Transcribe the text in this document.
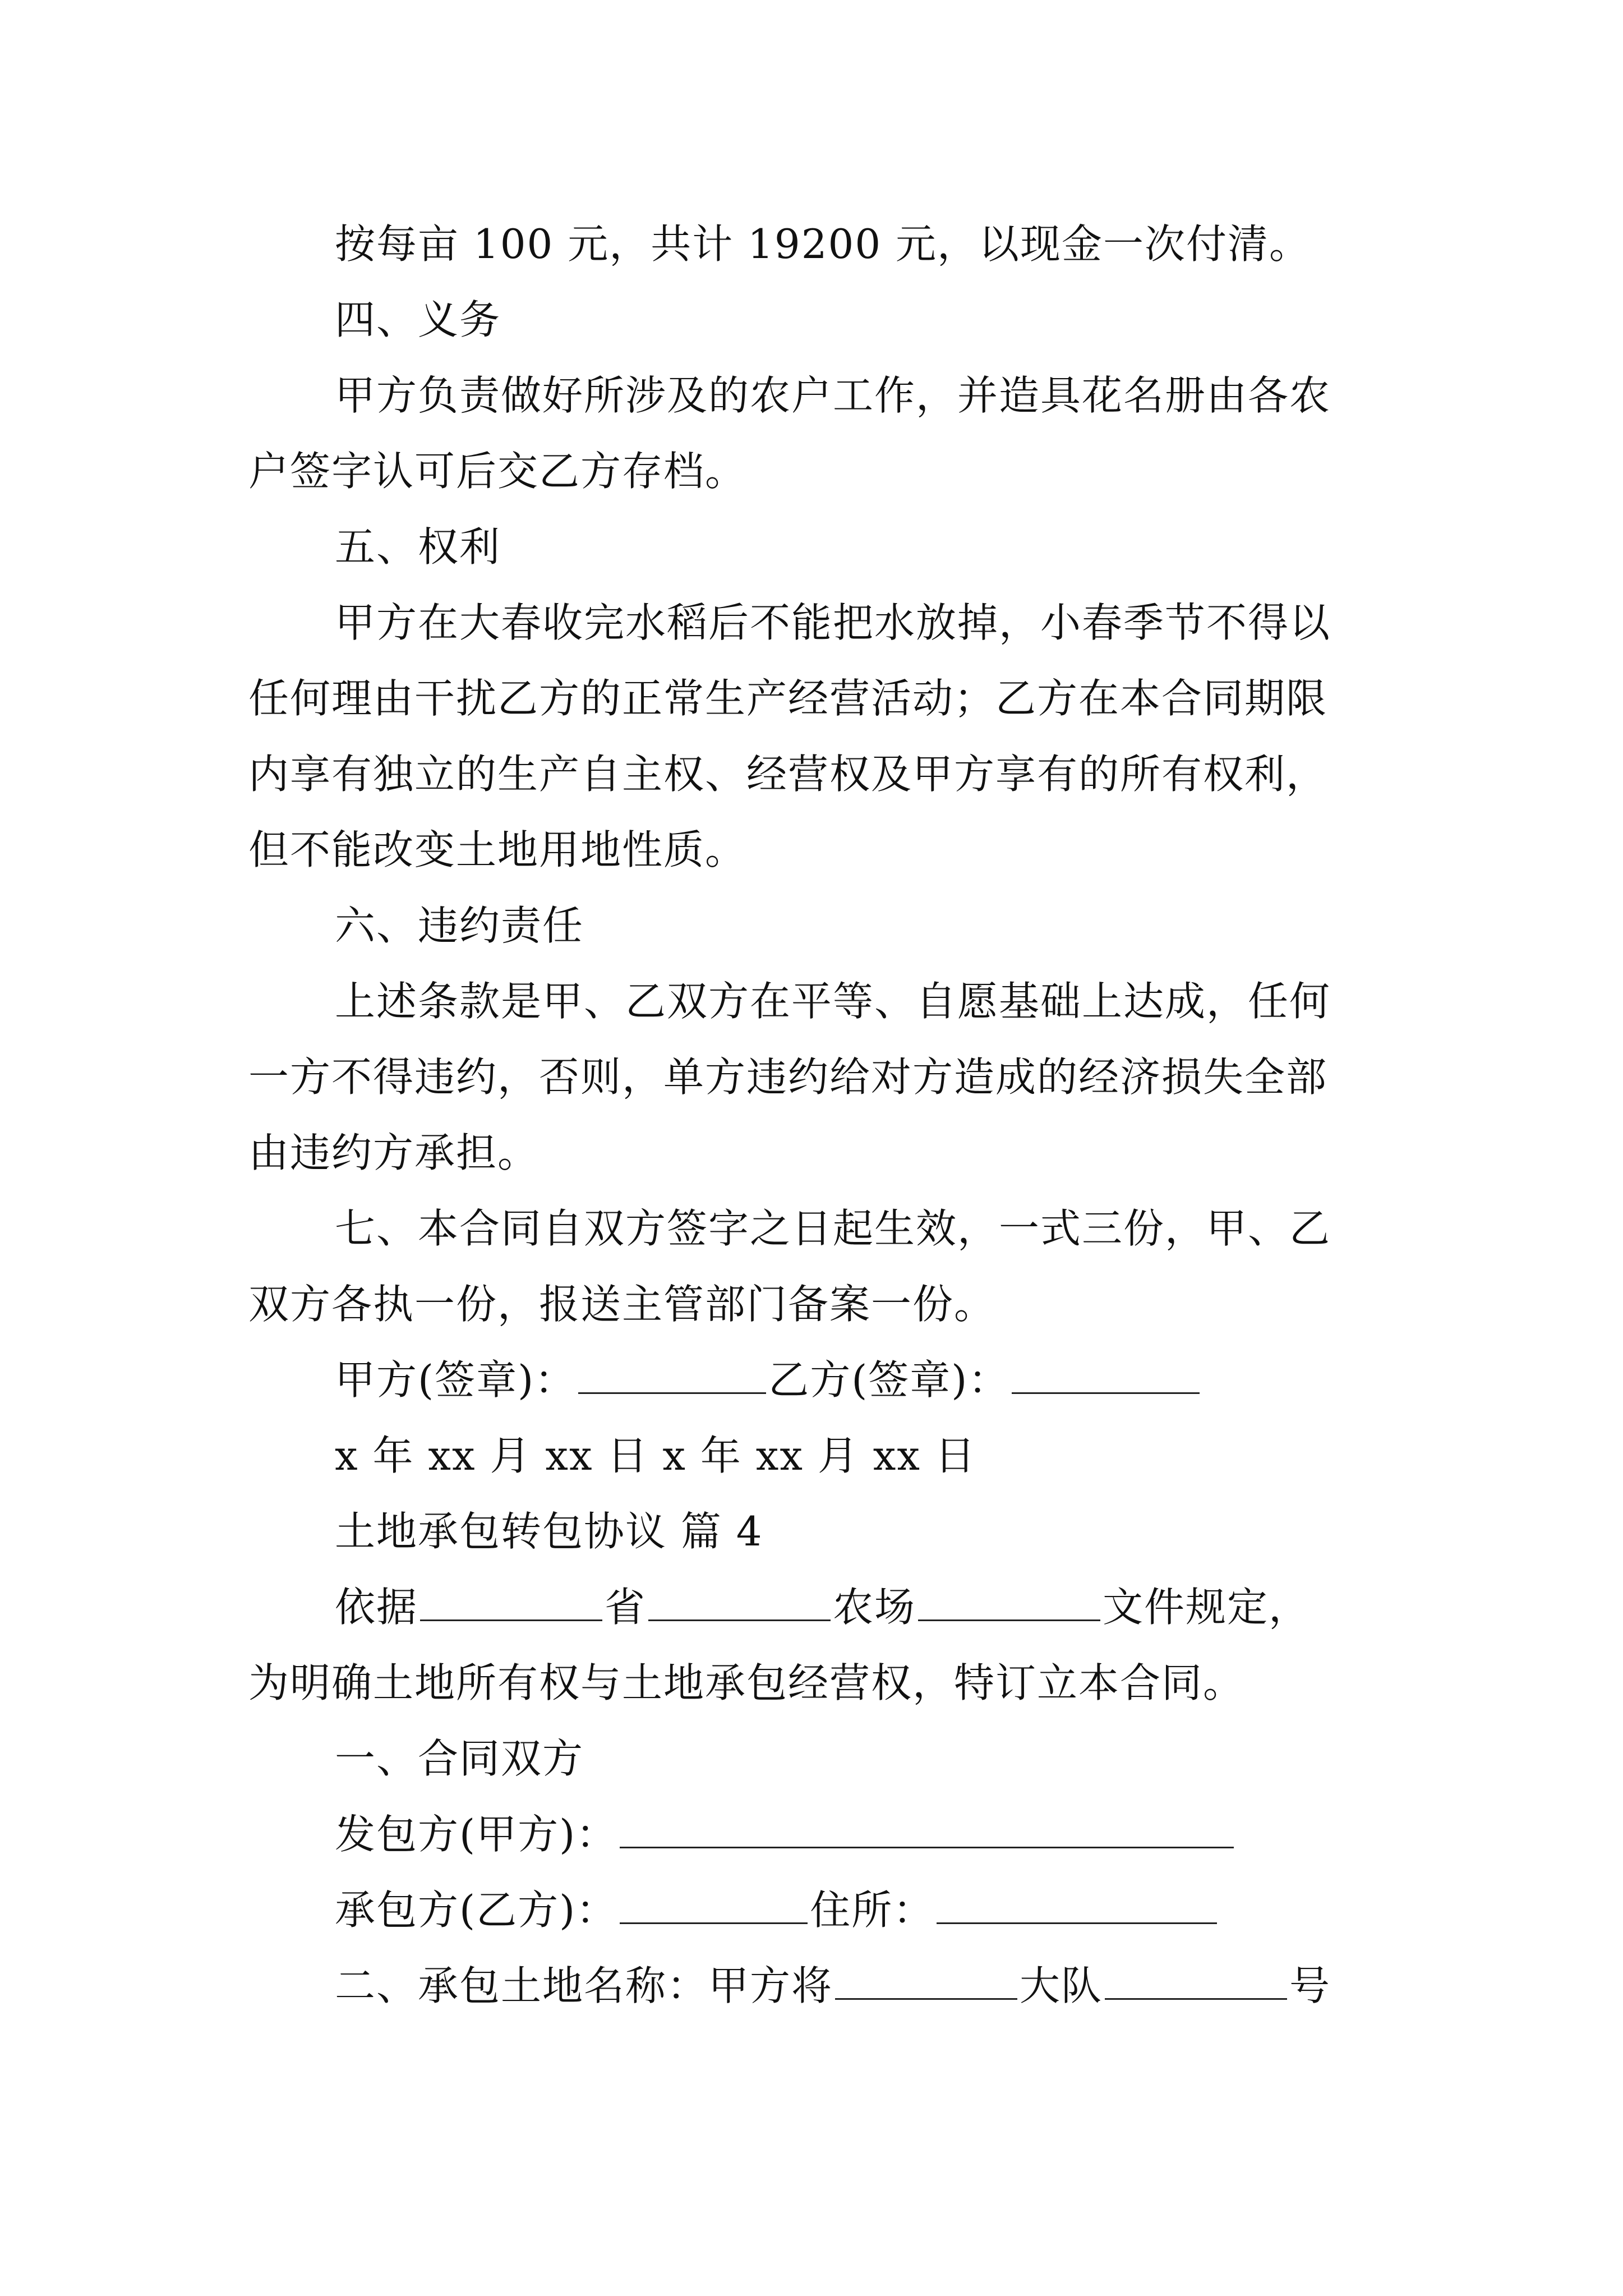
按每亩 100 元，共计 19200 元，以现金一次付清。
四、义务
甲方负责做好所涉及的农户工作，并造具花名册由各农
户签字认可后交乙方存档。
五、权利
甲方在大春收完水稻后不能把水放掉，小春季节不得以
任何理由干扰乙方的正常生产经营活动；乙方在本合同期限
内享有独立的生产自主权、经营权及甲方享有的所有权利，
但不能改变土地用地性质。
六、违约责任
上述条款是甲、乙双方在平等、自愿基础上达成，任何
一方不得违约，否则，单方违约给对方造成的经济损失全部
由违约方承担。
七、本合同自双方签字之日起生效，一式三份，甲、乙
双方各执一份，报送主管部门备案一份。
甲方(签章)：	乙方(签章)：
x 年 xx 月 xx 日 x 年 xx 月 xx 日
土地承包转包协议 篇 4
依据	省	农场	文件规定，
为明确土地所有权与土地承包经营权，特订立本合同。
一、合同双方
发包方(甲方)：
承包方(乙方)：	住所：
二、承包土地名称：甲方将	大队	号
